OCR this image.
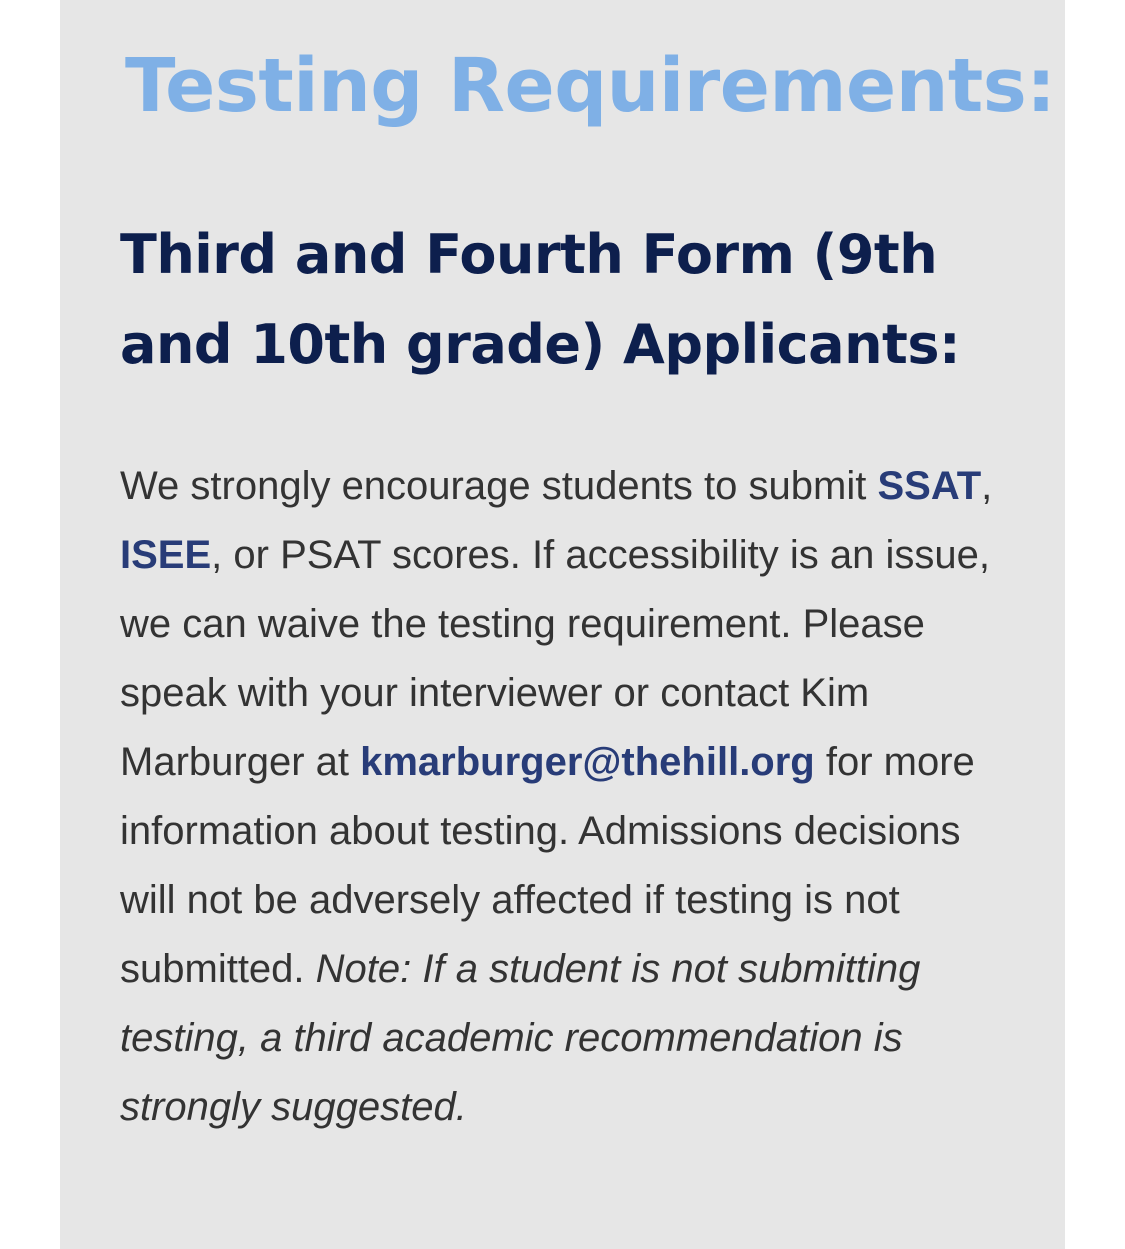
Testing Requirements:
Third and Fourth Form (9th and 10th grade) Applicants:

We strongly encourage students to submit SSAT, ISEE, or PSAT scores. If accessibility is an issue, we can waive the testing requirement. Please speak with your interviewer or contact Kim Marburger at kmarburger@thehill.org for more information about testing. Admissions decisions will not be adversely affected if testing is not submitted. Note: If a student is not submitting testing, a third academic recommendation is strongly suggested.
